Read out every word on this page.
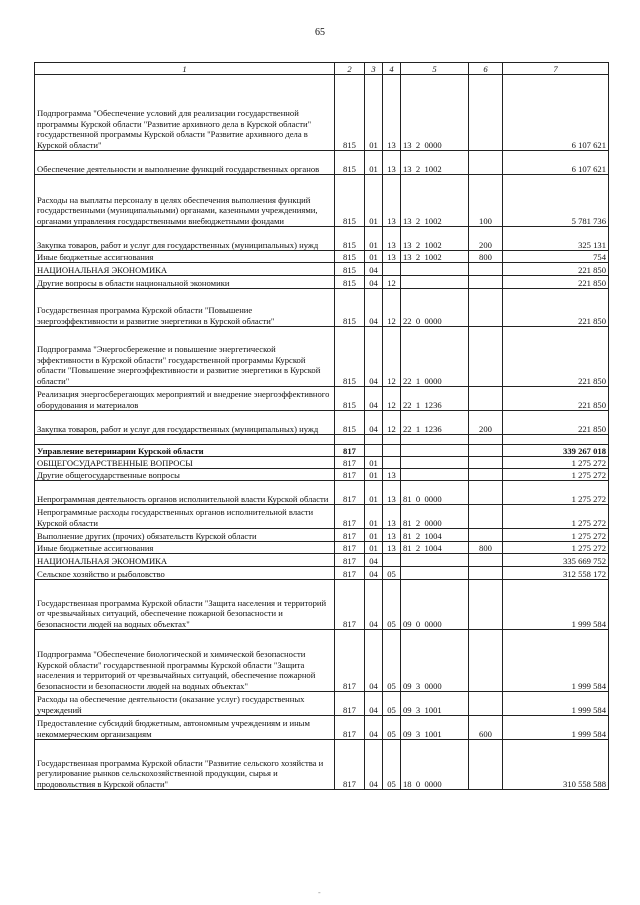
65
1	2	3	4	5	6	7
Подпрограмма "Обеспечение условий для реализации государственной программы Курской области "Развитие архивного дела в Курской области" государственной программы Курской области "Развитие архивного дела в Курской области"	815	01	13	13  2  0000		6 107 621
Обеспечение деятельности и выполнение функций государственных органов	815	01	13	13  2  1002		6 107 621
Расходы на выплаты персоналу в целях обеспечения выполнения функций государственными (муниципальными) органами, казенными учреждениями, органами управления государственными внебюджетными фондами	815	01	13	13  2  1002	100	5 781 736
Закупка товаров, работ и услуг для государственных (муниципальных) нужд	815	01	13	13  2  1002	200	325 131
Иные бюджетные ассигнования	815	01	13	13  2  1002	800	754
НАЦИОНАЛЬНАЯ ЭКОНОМИКА	815	04				221 850
Другие вопросы в области национальной экономики	815	04	12			221 850
Государственная программа Курской области "Повышение энергоэффективности и развитие энергетики в Курской области"	815	04	12	22  0  0000		221 850
Подпрограмма "Энергосбережение и повышение энергетической эффективности в Курской области" государственной программы Курской области "Повышение энергоэффективности и развитие энергетики в Курской области"	815	04	12	22  1  0000		221 850
Реализация энергосберегающих мероприятий и внедрение энергоэффективного оборудования и материалов	815	04	12	22  1  1236		221 850
Закупка товаров, работ и услуг для государственных (муниципальных) нужд	815	04	12	22  1  1236	200	221 850

Управление ветеринарии Курской области	817					339 267 018
ОБЩЕГОСУДАРСТВЕННЫЕ ВОПРОСЫ	817	01				1 275 272
Другие общегосударственные вопросы	817	01	13			1 275 272
Непрограммная деятельность органов исполнительной власти Курской области	817	01	13	81  0  0000		1 275 272
Непрограммные расходы государственных органов исполнительной власти Курской области	817	01	13	81  2  0000		1 275 272
Выполнение других (прочих) обязательств Курской области	817	01	13	81  2  1004		1 275 272
Иные бюджетные ассигнования	817	01	13	81  2  1004	800	1 275 272
НАЦИОНАЛЬНАЯ ЭКОНОМИКА	817	04				335 669 752
Сельское хозяйство и рыболовство	817	04	05			312 558 172
Государственная программа Курской области "Защита населения и территорий от чрезвычайных ситуаций, обеспечение пожарной безопасности и безопасности людей на водных объектах"	817	04	05	09  0  0000		1 999 584
Подпрограмма "Обеспечение биологической и химической безопасности Курской области" государственной программы Курской области "Защита населения и территорий от чрезвычайных ситуаций, обеспечение пожарной безопасности и безопасности людей на водных объектах"	817	04	05	09  3  0000		1 999 584
Расходы на обеспечение деятельности (оказание услуг) государственных учреждений	817	04	05	09  3  1001		1 999 584
Предоставление субсидий бюджетным, автономным учреждениям и иным некоммерческим организациям	817	04	05	09  3  1001	600	1 999 584
Государственная программа Курской области "Развитие сельского хозяйства и регулирование рынков сельскохозяйственной продукции, сырья и продовольствия в Курской области"	817	04	05	18  0  0000		310 558 588
-
